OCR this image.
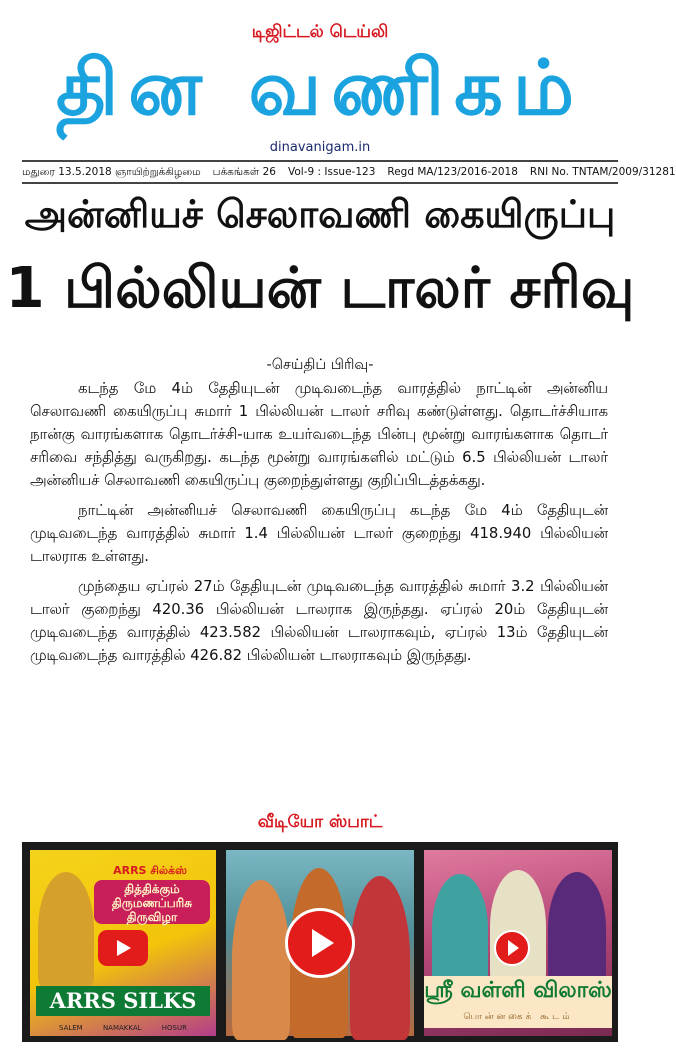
டிஜிட்டல் டெய்லி
தின வணிகம்
dinavanigam.in
மதுரை 13.5.2018 ஞாயிற்றுக்கிழமை பக்கங்கள் 26 Vol-9 : Issue-123 Regd MA/123/2016-2018 RNI No. TNTAM/2009/31281
அன்னியச் செலாவணி கையிருப்பு
1 பில்லியன் டாலர் சரிவு
-செய்திப் பிரிவு-

கடந்த மே 4ம் தேதியுடன் முடிவடைந்த வாரத்தில் நாட்டின் அன்னிய செலாவணி கையிருப்பு சுமார் 1 பில்லியன் டாலர் சரிவு கண்டுள்ளது. தொடர்ச்சியாக நான்கு வாரங்களாக தொடர்ச்சி-யாக உயர்வடைந்த பின்பு மூன்று வாரங்களாக தொடர் சரிவை சந்தித்து வருகிறது. கடந்த மூன்று வாரங்களில் மட்டும் 6.5 பில்லியன் டாலர் அன்னியச் செலாவணி கையிருப்பு குறைந்துள்ளது குறிப்பிடத்தக்கது.

நாட்டின் அன்னியச் செலாவணி கையிருப்பு கடந்த மே 4ம் தேதியுடன் முடிவடைந்த வாரத்தில் சுமார் 1.4 பில்லியன் டாலர் குறைந்து 418.940 பில்லியன் டாலராக உள்ளது.

முந்தைய ஏப்ரல் 27ம் தேதியுடன் முடிவடைந்த வாரத்தில் சுமார் 3.2 பில்லியன் டாலர் குறைந்து 420.36 பில்லியன் டாலராக இருந்தது. ஏப்ரல் 20ம் தேதியுடன் முடிவடைந்த வாரத்தில் 423.582 பில்லியன் டாலராகவும், ஏப்ரல் 13ம் தேதியுடன் முடிவடைந்த வாரத்தில் 426.82 பில்லியன் டாலராகவும் இருந்தது.

வீடியோ ஸ்பாட்
ARRS சில்க்ஸ்
தித்திக்கும் திருமணப்பரிசு திருவிழா
ARRS SILKS
SALEM NAMAKKAL HOSUR
ஸ்ரீ வள்ளி விலாஸ்
பொன்னகைக் கூடம்
